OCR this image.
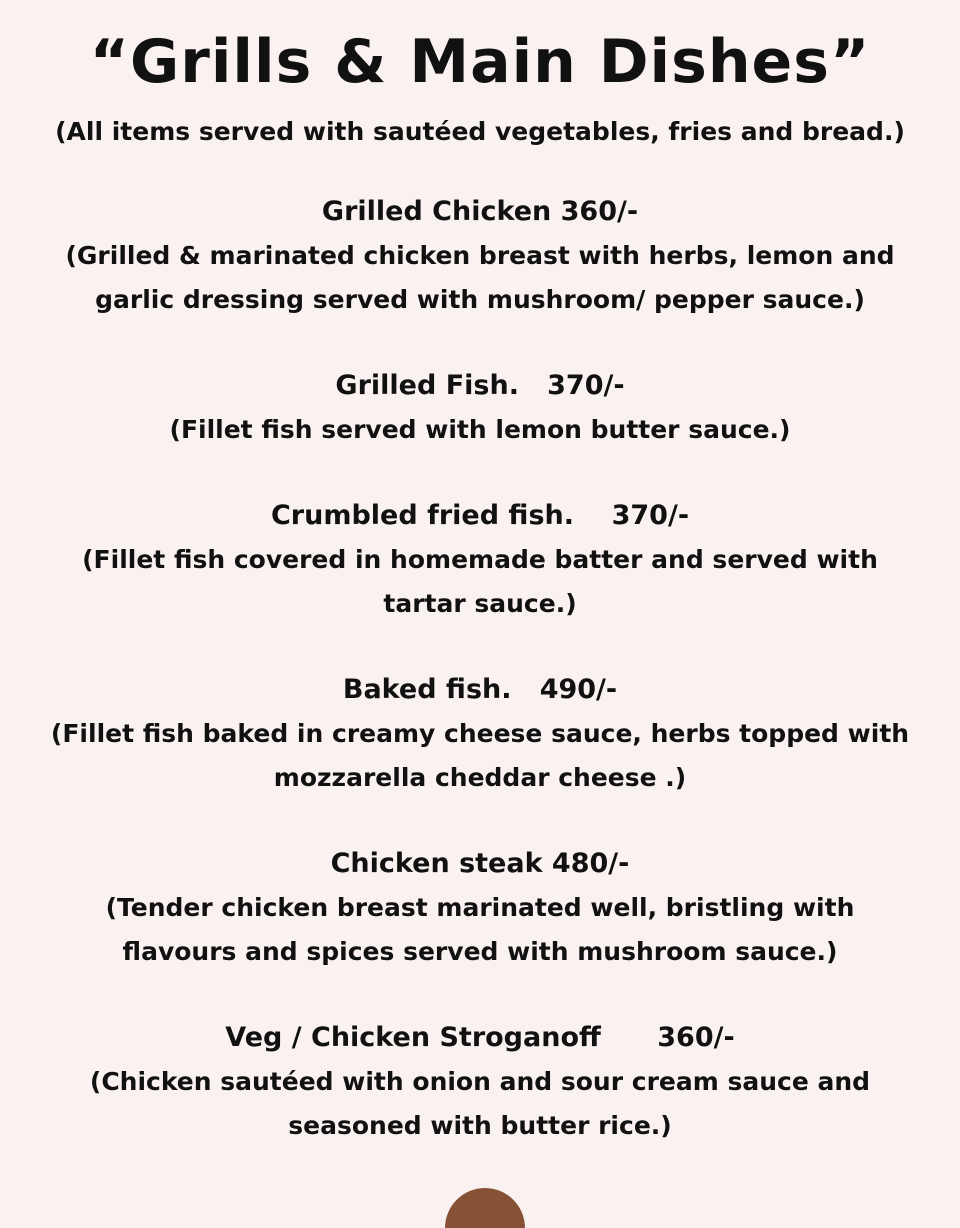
“Grills & Main Dishes”
(All items served with sautéed vegetables, fries and bread.)
Grilled Chicken 360/-
(Grilled & marinated chicken breast with herbs, lemon and
garlic dressing served with mushroom/ pepper sauce.)
Grilled Fish.   370/-
(Fillet fish served with lemon butter sauce.)
Crumbled fried fish.    370/-
(Fillet fish covered in homemade batter and served with
tartar sauce.)
Baked fish.   490/-
(Fillet fish baked in creamy cheese sauce, herbs topped with
mozzarella cheddar cheese .)
Chicken steak 480/-
(Tender chicken breast marinated well, bristling with
flavours and spices served with mushroom sauce.)
Veg / Chicken Stroganoff      360/-
(Chicken sautéed with onion and sour cream sauce and
seasoned with butter rice.)
